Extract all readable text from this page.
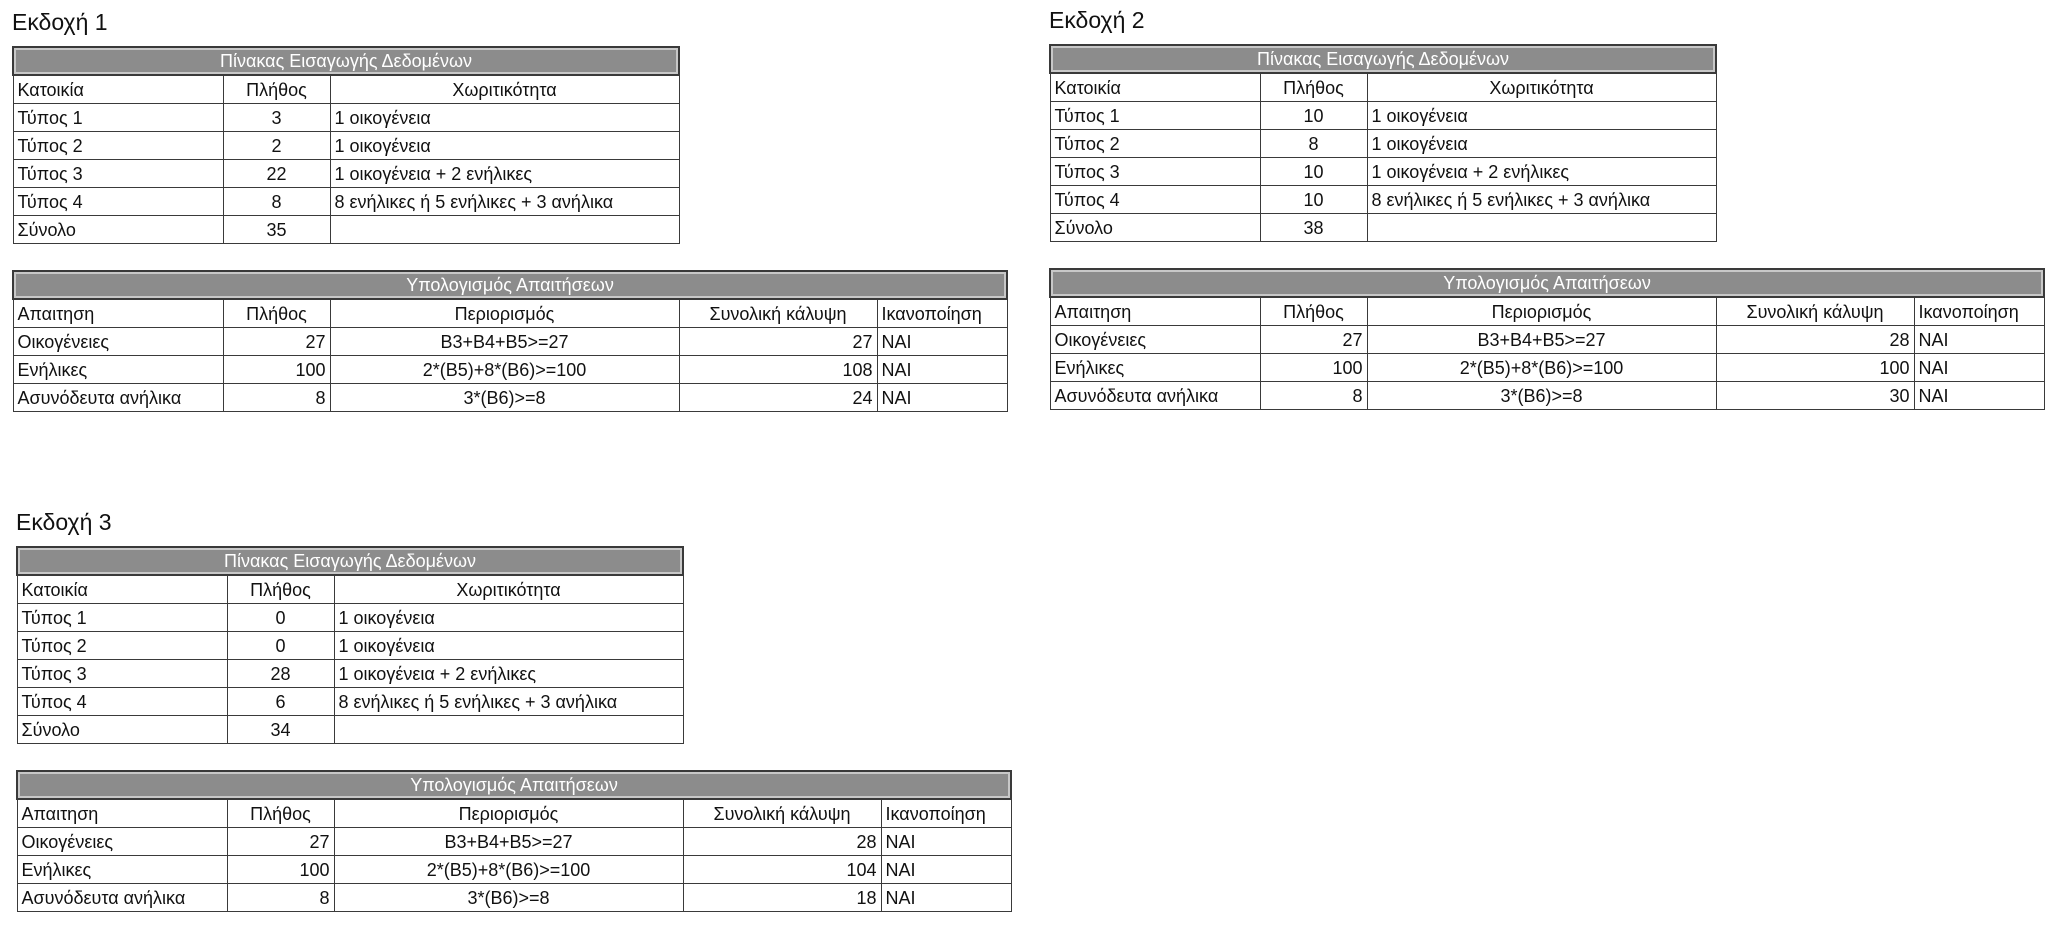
Εκδοχή 1
Πίνακας Εισαγωγής Δεδομένων		
Κατοικία	Πλήθος	Χωριτικότητα
Τύπος 1	3	1 οικογένεια
Τύπος 2	2	1 οικογένεια
Τύπος 3	22	1 οικογένεια + 2 ενήλικες
Τύπος 4	8	8 ενήλικες ή 5 ενήλικες + 3 ανήλικα
Σύνολο	35	
Υπολογισμός Απαιτήσεων				
Απαιτηση	Πλήθος	Περιορισμός	Συνολική κάλυψη	Ικανοποίηση
Οικογένειες	27	B3+B4+B5>=27	27	NAI
Ενήλικες	100	2*(B5)+8*(B6)>=100	108	NAI
Ασυνόδευτα ανήλικα	8	3*(B6)>=8	24	NAI
Εκδοχή 2
Πίνακας Εισαγωγής Δεδομένων		
Κατοικία	Πλήθος	Χωριτικότητα
Τύπος 1	10	1 οικογένεια
Τύπος 2	8	1 οικογένεια
Τύπος 3	10	1 οικογένεια + 2 ενήλικες
Τύπος 4	10	8 ενήλικες ή 5 ενήλικες + 3 ανήλικα
Σύνολο	38	
Υπολογισμός Απαιτήσεων				
Απαιτηση	Πλήθος	Περιορισμός	Συνολική κάλυψη	Ικανοποίηση
Οικογένειες	27	B3+B4+B5>=27	28	NAI
Ενήλικες	100	2*(B5)+8*(B6)>=100	100	NAI
Ασυνόδευτα ανήλικα	8	3*(B6)>=8	30	NAI
Εκδοχή 3
Πίνακας Εισαγωγής Δεδομένων		
Κατοικία	Πλήθος	Χωριτικότητα
Τύπος 1	0	1 οικογένεια
Τύπος 2	0	1 οικογένεια
Τύπος 3	28	1 οικογένεια + 2 ενήλικες
Τύπος 4	6	8 ενήλικες ή 5 ενήλικες + 3 ανήλικα
Σύνολο	34	
Υπολογισμός Απαιτήσεων				
Απαιτηση	Πλήθος	Περιορισμός	Συνολική κάλυψη	Ικανοποίηση
Οικογένειες	27	B3+B4+B5>=27	28	NAI
Ενήλικες	100	2*(B5)+8*(B6)>=100	104	NAI
Ασυνόδευτα ανήλικα	8	3*(B6)>=8	18	NAI
